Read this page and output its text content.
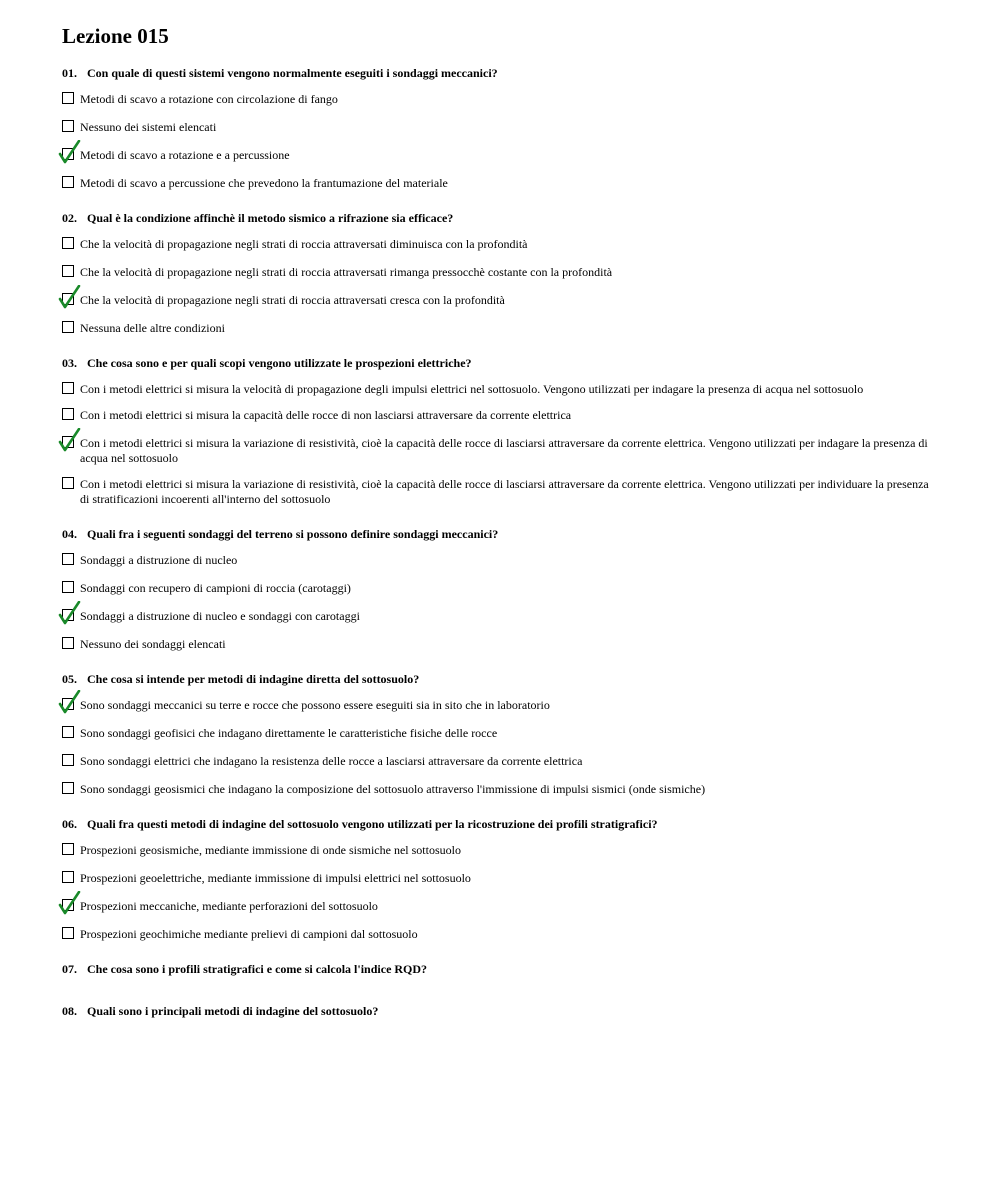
Lezione 015
01. Con quale di questi sistemi vengono normalmente eseguiti i sondaggi meccanici?
Metodi di scavo a rotazione con circolazione di fango
Nessuno dei sistemi elencati
Metodi di scavo a rotazione e a percussione
Metodi di scavo a percussione che prevedono la frantumazione del materiale
02. Qual è la condizione affinchè il metodo sismico a rifrazione sia efficace?
Che la velocità di propagazione negli strati di roccia attraversati diminuisca con la profondità
Che la velocità di propagazione negli strati di roccia attraversati rimanga pressocchè costante con la profondità
Che la velocità di propagazione negli strati di roccia attraversati cresca con la profondità
Nessuna delle altre condizioni
03. Che cosa sono e per quali scopi vengono utilizzate le prospezioni elettriche?
Con i metodi elettrici si misura la velocità di propagazione degli impulsi elettrici nel sottosuolo. Vengono utilizzati per indagare la presenza di acqua nel sottosuolo
Con i metodi elettrici si misura la capacità delle rocce di non lasciarsi attraversare da corrente elettrica
Con i metodi elettrici si misura la variazione di resistività, cioè la capacità delle rocce di lasciarsi attraversare da corrente elettrica. Vengono utilizzati per indagare la presenza di acqua nel sottosuolo
Con i metodi elettrici si misura la variazione di resistività, cioè la capacità delle rocce di lasciarsi attraversare da corrente elettrica. Vengono utilizzati per individuare la presenza di stratificazioni incoerenti all'interno del sottosuolo
04. Quali fra i seguenti sondaggi del terreno si possono definire sondaggi meccanici?
Sondaggi a distruzione di nucleo
Sondaggi con recupero di campioni di roccia (carotaggi)
Sondaggi a distruzione di nucleo e sondaggi con carotaggi
Nessuno dei sondaggi elencati
05. Che cosa si intende per metodi di indagine diretta del sottosuolo?
Sono sondaggi meccanici su terre e rocce che possono essere eseguiti sia in sito che in laboratorio
Sono sondaggi geofisici che indagano direttamente le caratteristiche fisiche delle rocce
Sono sondaggi elettrici che indagano la resistenza delle rocce a lasciarsi attraversare da corrente elettrica
Sono sondaggi geosismici che indagano la composizione del sottosuolo attraverso l'immissione di impulsi sismici (onde sismiche)
06. Quali fra questi metodi di indagine del sottosuolo vengono utilizzati per la ricostruzione dei profili stratigrafici?
Prospezioni geosismiche, mediante immissione di onde sismiche nel sottosuolo
Prospezioni geoelettriche, mediante immissione di impulsi elettrici nel sottosuolo
Prospezioni meccaniche, mediante perforazioni del sottosuolo
Prospezioni geochimiche mediante prelievi di campioni dal sottosuolo
07. Che cosa sono i profili stratigrafici e come si calcola l'indice RQD?
08. Quali sono i principali metodi di indagine del sottosuolo?
